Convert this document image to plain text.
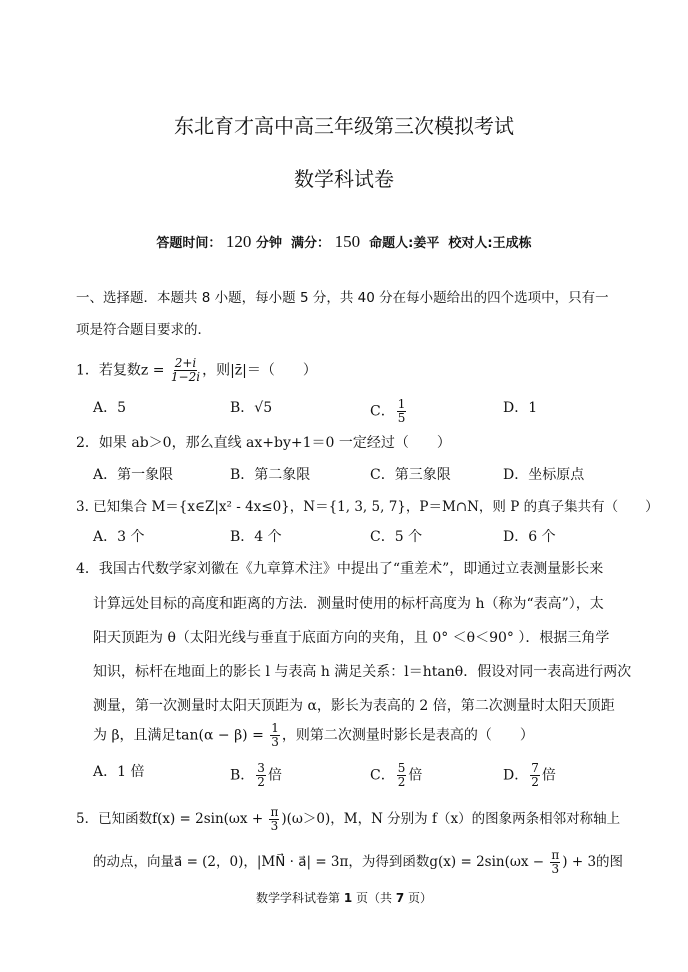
东北育才高中高三年级第三次模拟考试
数学科试卷
答题时间： 120 分钟 满分： 150 命题人:姜平 校对人:王成栋
一、选择题．本题共 8 小题，每小题 5 分，共 40 分在每小题给出的四个选项中，只有一
项是符合题目要求的．
1．若复数$z = \frac{2+i}{1-2i}$ ，则|z̄|＝（　　）
A．5	B．√5	C． $\frac{1}{5}$	D．1
2．如果 ab＞0，那么直线 ax+by+1＝0 一定经过（　　）
A．第一象限	B．第二象限	C．第三象限	D．坐标原点
3. 已知集合 M＝{x∈Z|x² - 4x≤0}，N＝{1, 3, 5, 7}，P＝M∩N，则 P 的真子集共有（　　）
A．3 个	B．4 个	C．5 个	D．6 个
4．我国古代数学家刘徽在《九章算术注》中提出了“重差术”，即通过立表测量影长来
计算远处目标的高度和距离的方法．测量时使用的标杆高度为 h（称为“表高”），太
阳天顶距为 θ（太阳光线与垂直于底面方向的夹角，且 0° ＜θ＜90° ）．根据三角学
知识，标杆在地面上的影长 l 与表高 h 满足关系：l＝htanθ．假设对同一表高进行两次
测量，第一次测量时太阳天顶距为 α，影长为表高的 2 倍，第二次测量时太阳天顶距
为 β，且满足$\tan(\alpha - \beta) = \frac{1}{3}$ ，则第二次测量时影长是表高的（　　）
A．1 倍	B． $\frac{3}{2}$ 倍	C． $\frac{5}{2}$ 倍	D． $\frac{7}{2}$ 倍
5．已知函数$f(x) = 2\sin(\omega x + \frac{\pi}{3} )(\omega>0)$，M，N 分别为 f（x）的图象两条相邻对称轴上
的动点，向量a⃗ = (2，0)，|MN⃗ · a⃗| = 3π，为得到函数$g(x) = 2\sin(\omega x - \frac{\pi}{3}$ ) + 3的图
数学学科试卷第 1 页（共 7 页）
